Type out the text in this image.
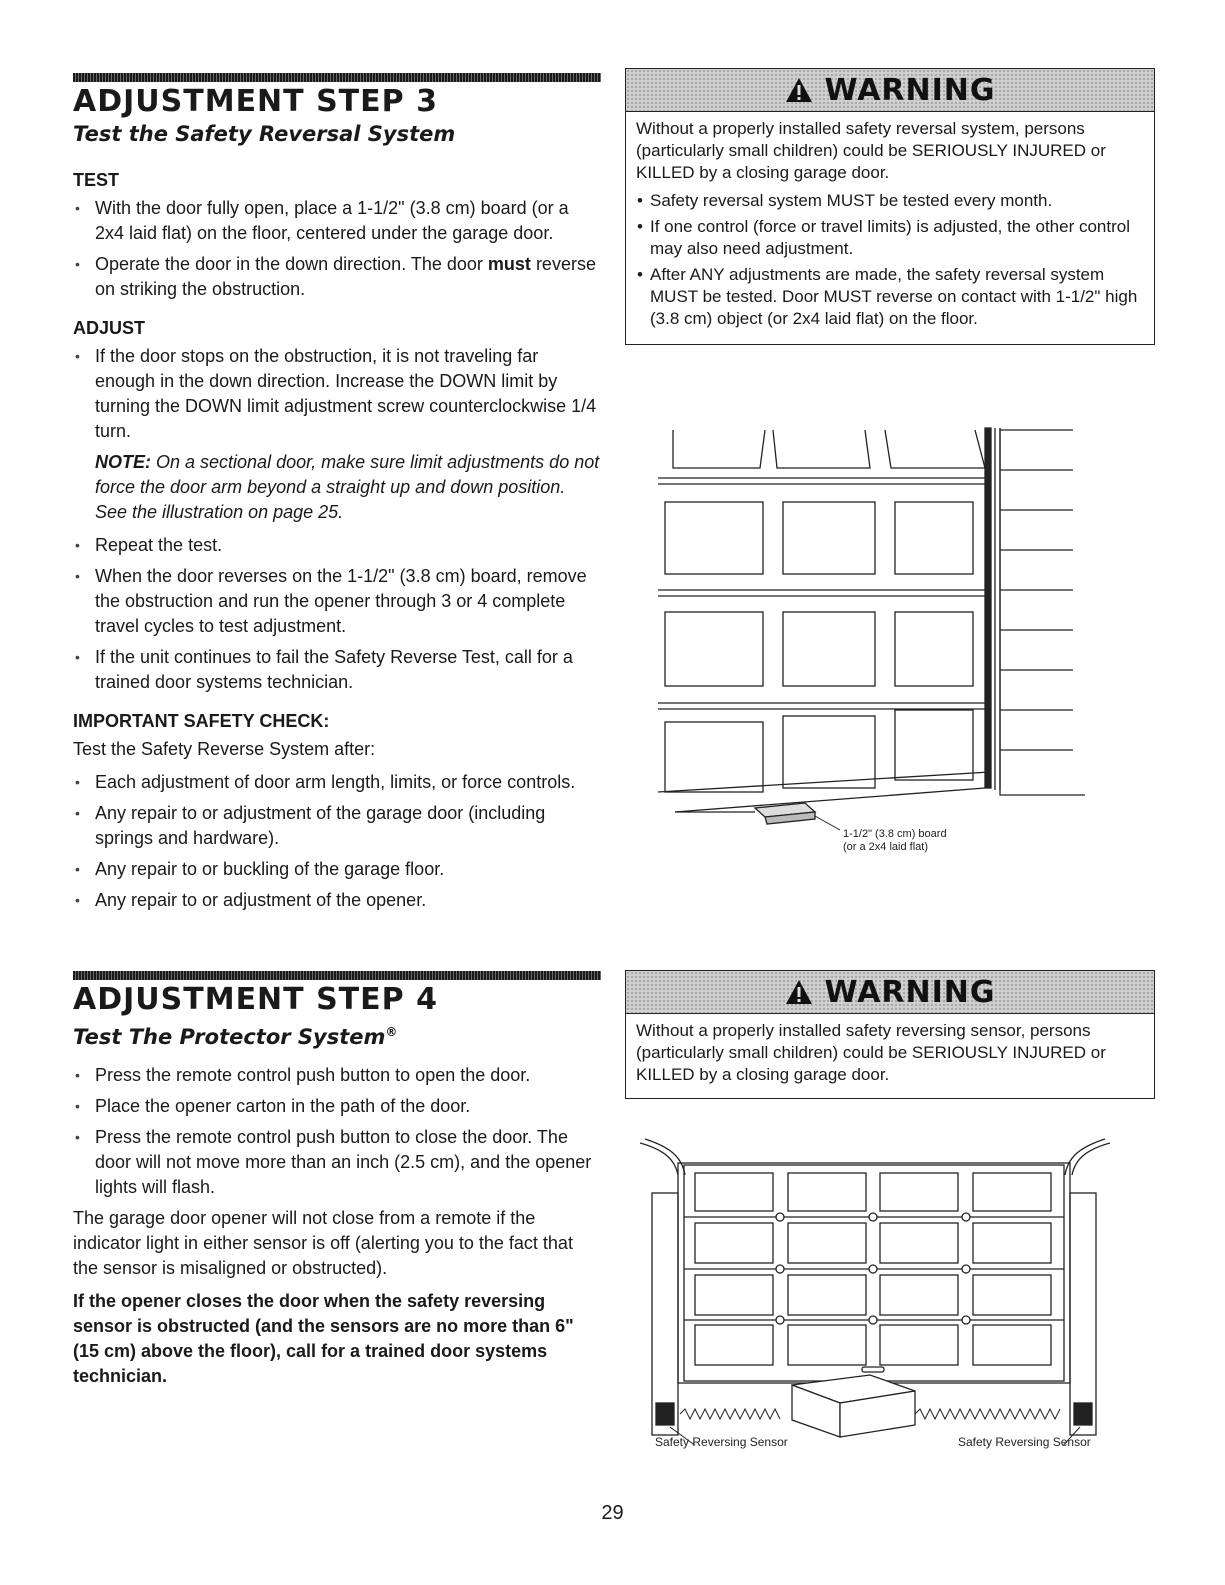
ADJUSTMENT STEP 3
Test the Safety Reversal System
TEST
• With the door fully open, place a 1-1/2" (3.8 cm) board (or a 2x4 laid flat) on the floor, centered under the garage door.
• Operate the door in the down direction. The door must reverse on striking the obstruction.
ADJUST
• If the door stops on the obstruction, it is not traveling far enough in the down direction. Increase the DOWN limit by turning the DOWN limit adjustment screw counterclockwise 1/4 turn.

NOTE: On a sectional door, make sure limit adjustments do not force the door arm beyond a straight up and down position. See the illustration on page 25.

• Repeat the test.
• When the door reverses on the 1-1/2" (3.8 cm) board, remove the obstruction and run the opener through 3 or 4 complete travel cycles to test adjustment.
• If the unit continues to fail the Safety Reverse Test, call for a trained door systems technician.
IMPORTANT SAFETY CHECK:

Test the Safety Reverse System after:

• Each adjustment of door arm length, limits, or force controls.
• Any repair to or adjustment of the garage door (including springs and hardware).
• Any repair to or buckling of the garage floor.
• Any repair to or adjustment of the opener.
WARNING

Without a properly installed safety reversal system, persons (particularly small children) could be SERIOUSLY INJURED or KILLED by a closing garage door.

• Safety reversal system MUST be tested every month.
• If one control (force or travel limits) is adjusted, the other control may also need adjustment.
• After ANY adjustments are made, the safety reversal system MUST be tested. Door MUST reverse on contact with 1-1/2" high (3.8 cm) object (or 2x4 laid flat) on the floor.
1-1/2" (3.8 cm) board
(or a 2x4 laid flat)
ADJUSTMENT STEP 4
Test The Protector System®
• Press the remote control push button to open the door.
• Place the opener carton in the path of the door.
• Press the remote control push button to close the door. The door will not move more than an inch (2.5 cm), and the opener lights will flash.

The garage door opener will not close from a remote if the indicator light in either sensor is off (alerting you to the fact that the sensor is misaligned or obstructed).

If the opener closes the door when the safety reversing sensor is obstructed (and the sensors are no more than 6" (15 cm) above the floor), call for a trained door systems technician.

WARNING

Without a properly installed safety reversing sensor, persons (particularly small children) could be SERIOUSLY INJURED or KILLED by a closing garage door.

Safety Reversing Sensor	Safety Reversing Sensor
29
